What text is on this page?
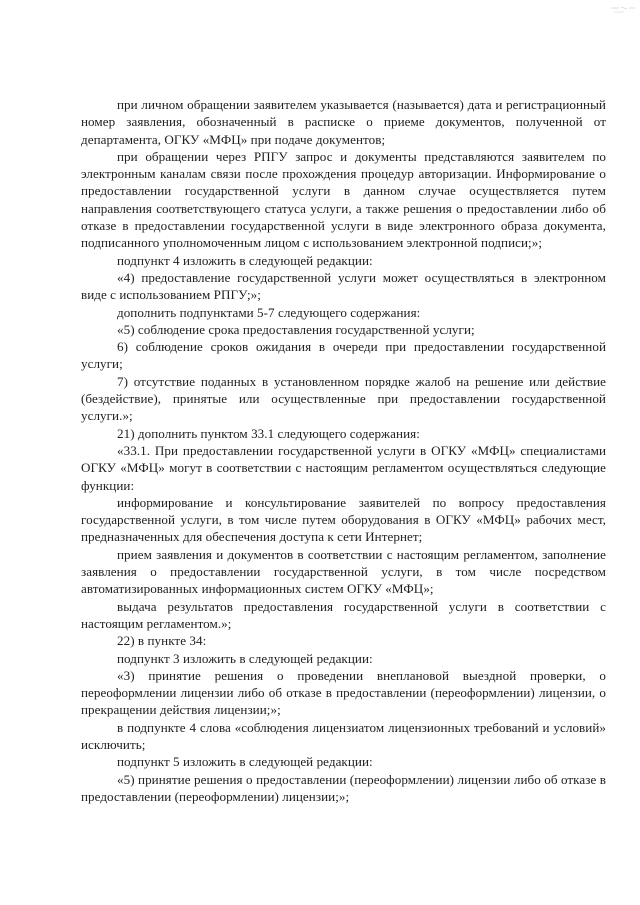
при личном обращении заявителем указывается (называется) дата и регистрационный номер заявления, обозначенный в расписке о приеме документов, полученной от департамента, ОГКУ «МФЦ» при подаче документов;

при обращении через РПГУ запрос и документы представляются заявителем по электронным каналам связи после прохождения процедур авторизации. Информирование о предоставлении государственной услуги в данном случае осуществляется путем направления соответствующего статуса услуги, а также решения о предоставлении либо об отказе в предоставлении государственной услуги в виде электронного образа документа, подписанного уполномоченным лицом с использованием электронной подписи;»;

подпункт 4 изложить в следующей редакции:

«4) предоставление государственной услуги может осуществляться в электронном виде с использованием РПГУ;»;

дополнить подпунктами 5-7 следующего содержания:

«5) соблюдение срока предоставления государственной услуги;

6) соблюдение сроков ожидания в очереди при предоставлении государственной услуги;

7) отсутствие поданных в установленном порядке жалоб на решение или действие (бездействие), принятые или осуществленные при предоставлении государственной услуги.»;

21) дополнить пунктом 33.1 следующего содержания:

«33.1. При предоставлении государственной услуги в ОГКУ «МФЦ» специалистами ОГКУ «МФЦ» могут в соответствии с настоящим регламентом осуществляться следующие функции:

информирование и консультирование заявителей по вопросу предоставления государственной услуги, в том числе путем оборудования в ОГКУ «МФЦ» рабочих мест, предназначенных для обеспечения доступа к сети Интернет;

прием заявления и документов в соответствии с настоящим регламентом, заполнение заявления о предоставлении государственной услуги, в том числе посредством автоматизированных информационных систем ОГКУ «МФЦ»;

выдача результатов предоставления государственной услуги в соответствии с настоящим регламентом.»;

22) в пункте 34:

подпункт 3 изложить в следующей редакции:

«3) принятие решения о проведении внеплановой выездной проверки, о переоформлении лицензии либо об отказе в предоставлении (переоформлении) лицензии, о прекращении действия лицензии;»;

в подпункте 4 слова «соблюдения лицензиатом лицензионных требований и условий» исключить;

подпункт 5 изложить в следующей редакции:

«5) принятие решения о предоставлении (переоформлении) лицензии либо об отказе в предоставлении (переоформлении) лицензии;»;
